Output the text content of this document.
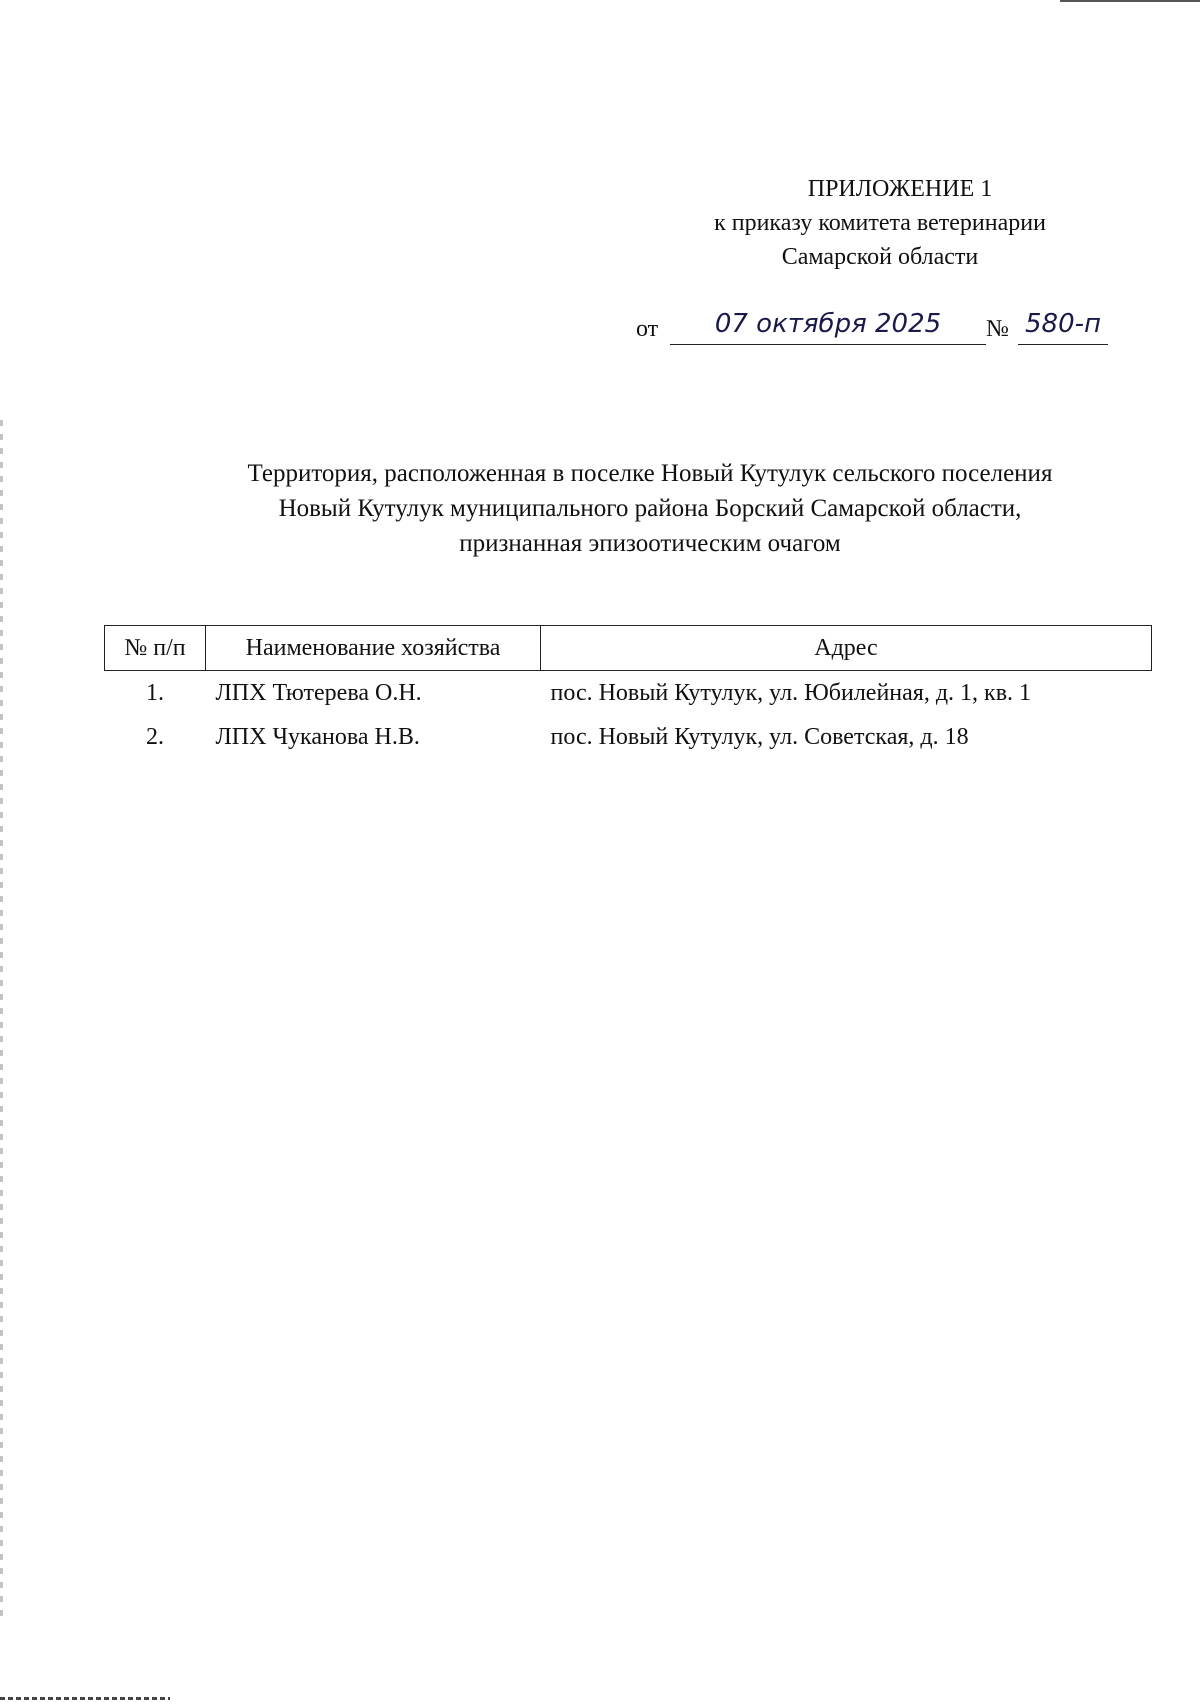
ПРИЛОЖЕНИЕ 1
к приказу комитета ветеринарии
Самарской области
от	07 октября 2025	№ 580-п
Территория, расположенная в поселке Новый Кутулук сельского поселения
Новый Кутулук муниципального района Борский Самарской области,
признанная эпизоотическим очагом
№ п/п	Наименование хозяйства	Адрес
1.	ЛПХ Тютерева О.Н.	пос. Новый Кутулук, ул. Юбилейная, д. 1, кв. 1
2.	ЛПХ Чуканова Н.В.	пос. Новый Кутулук, ул. Советская, д. 18
